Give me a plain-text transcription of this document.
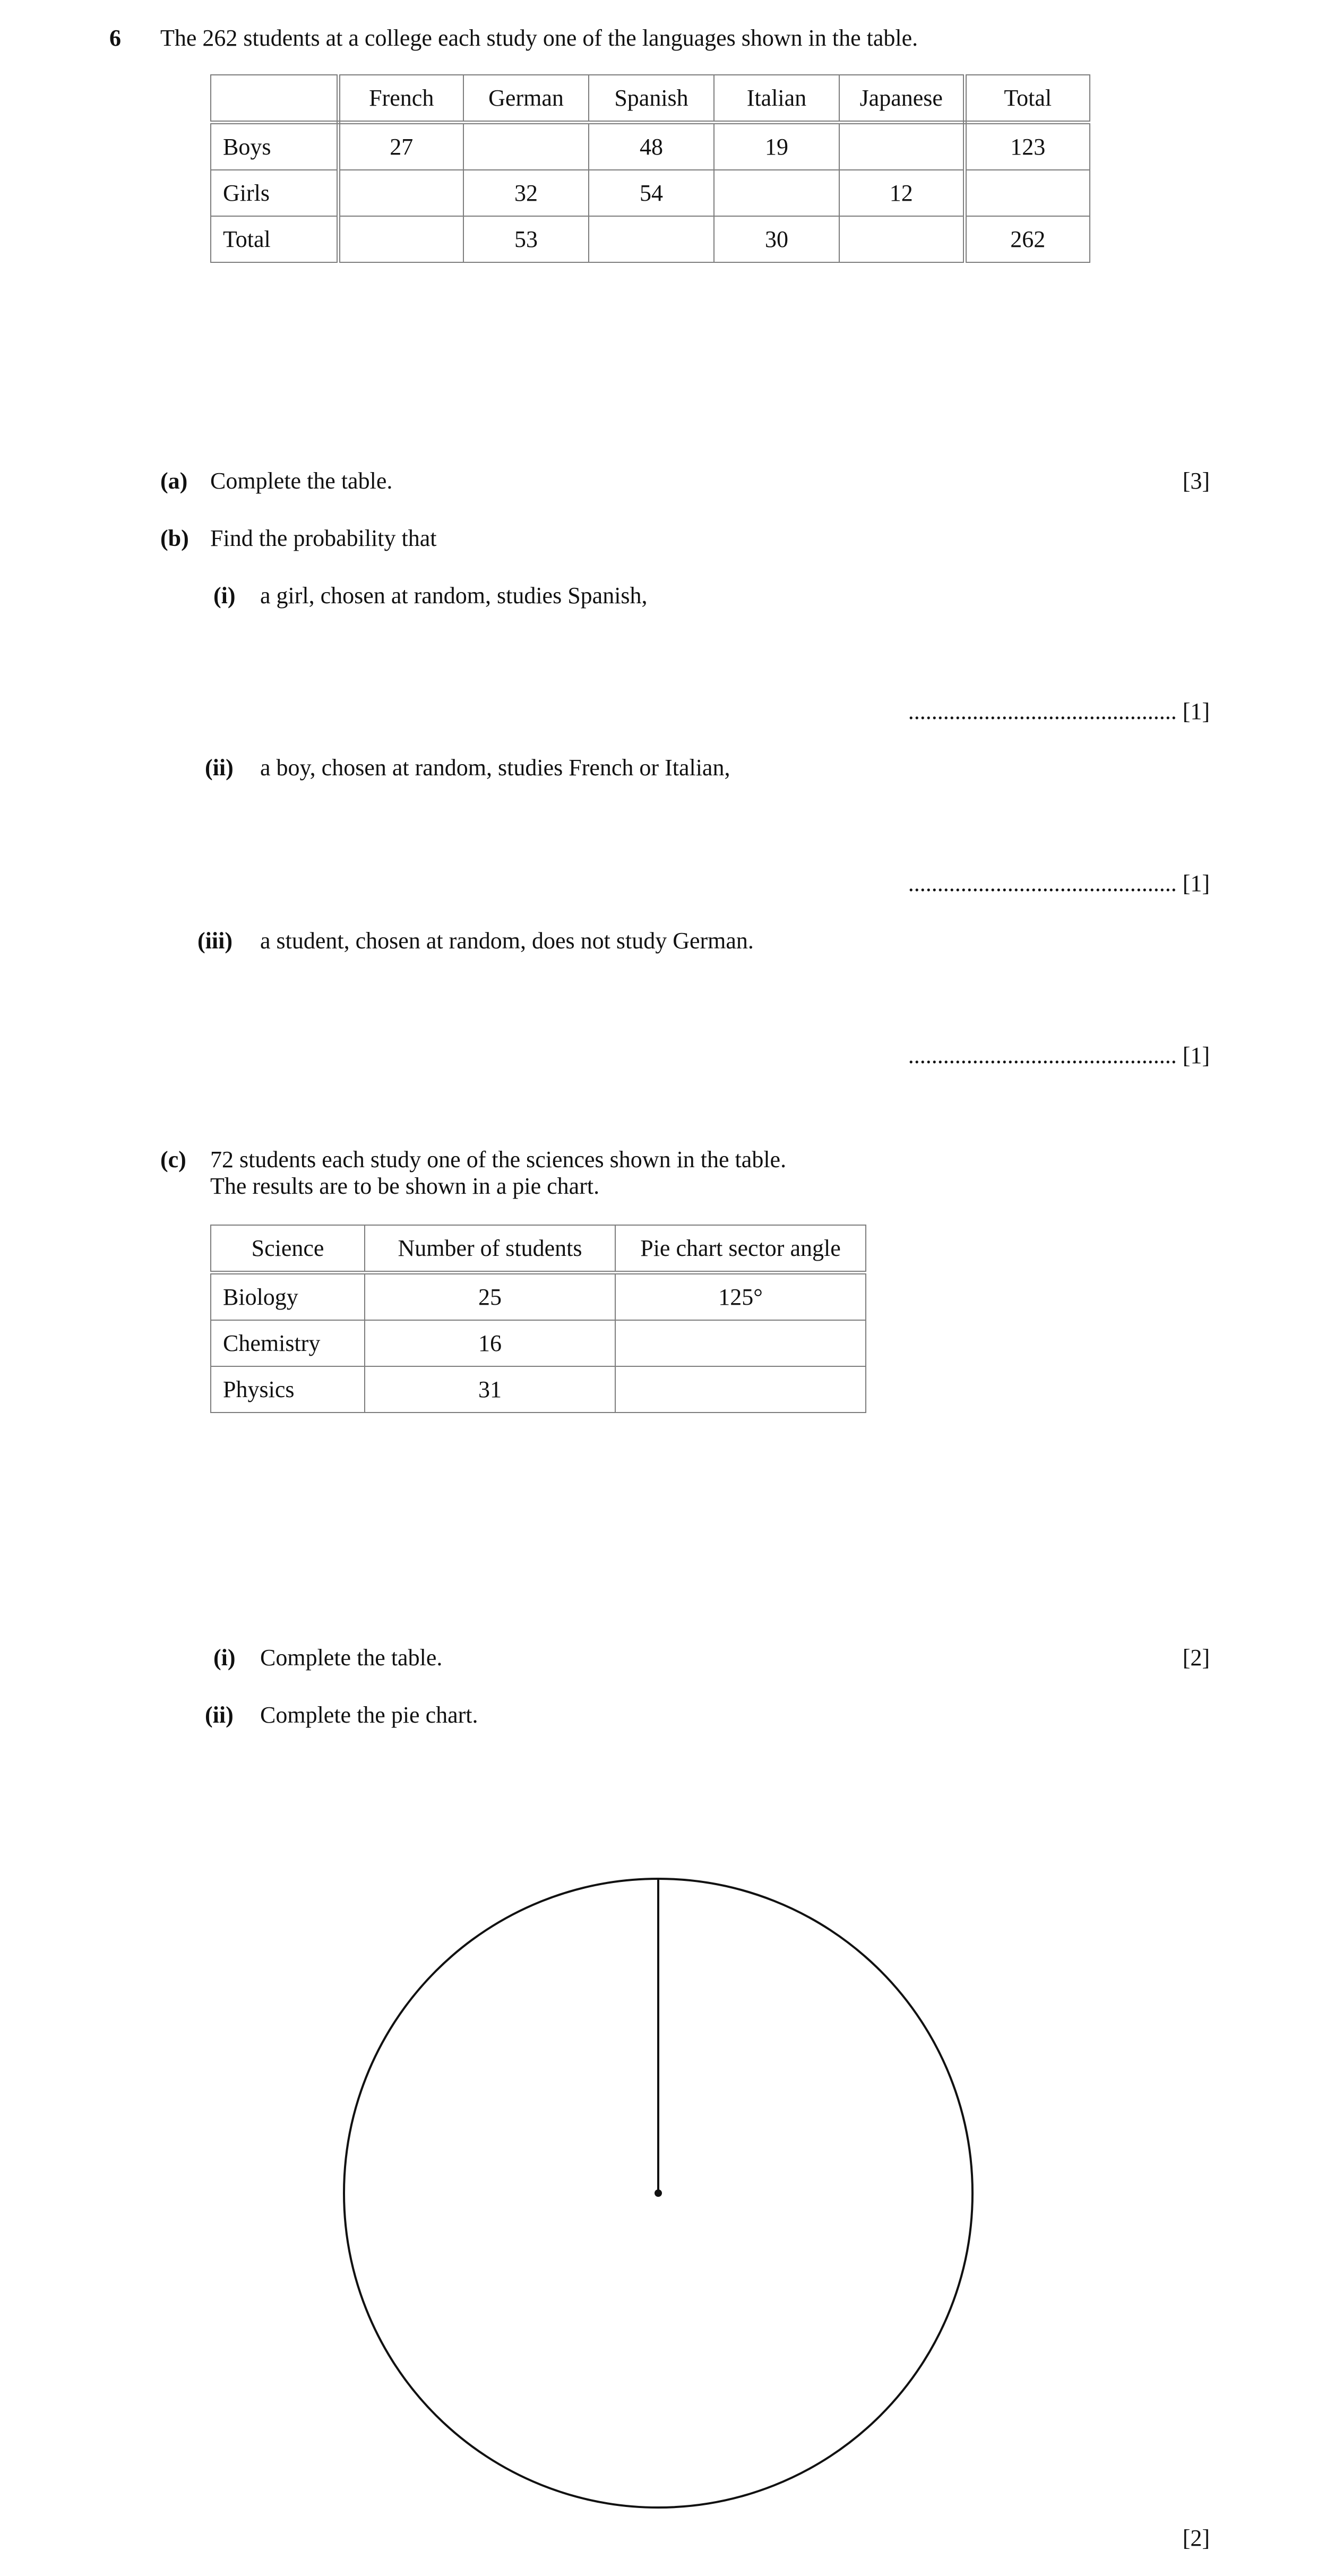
6 The 262 students at a college each study one of the languages shown in the table.
	French	German	Spanish	Italian	Japanese	Total
Boys	27		48	19		123
Girls		32	54		12	
Total		53		30		262
(a) Complete the table.	[3]
(b) Find the probability that
(i) a girl, chosen at random, studies Spanish,
.............................................. [1]
(ii) a boy, chosen at random, studies French or Italian,
.............................................. [1]
(iii) a student, chosen at random, does not study German.
.............................................. [1]
(c) 72 students each study one of the sciences shown in the table.
The results are to be shown in a pie chart.
Science	Number of students	Pie chart sector angle
Biology	25	125°
Chemistry	16	
Physics	31	
(i) Complete the table.	[2]
(ii) Complete the pie chart.
[2]
